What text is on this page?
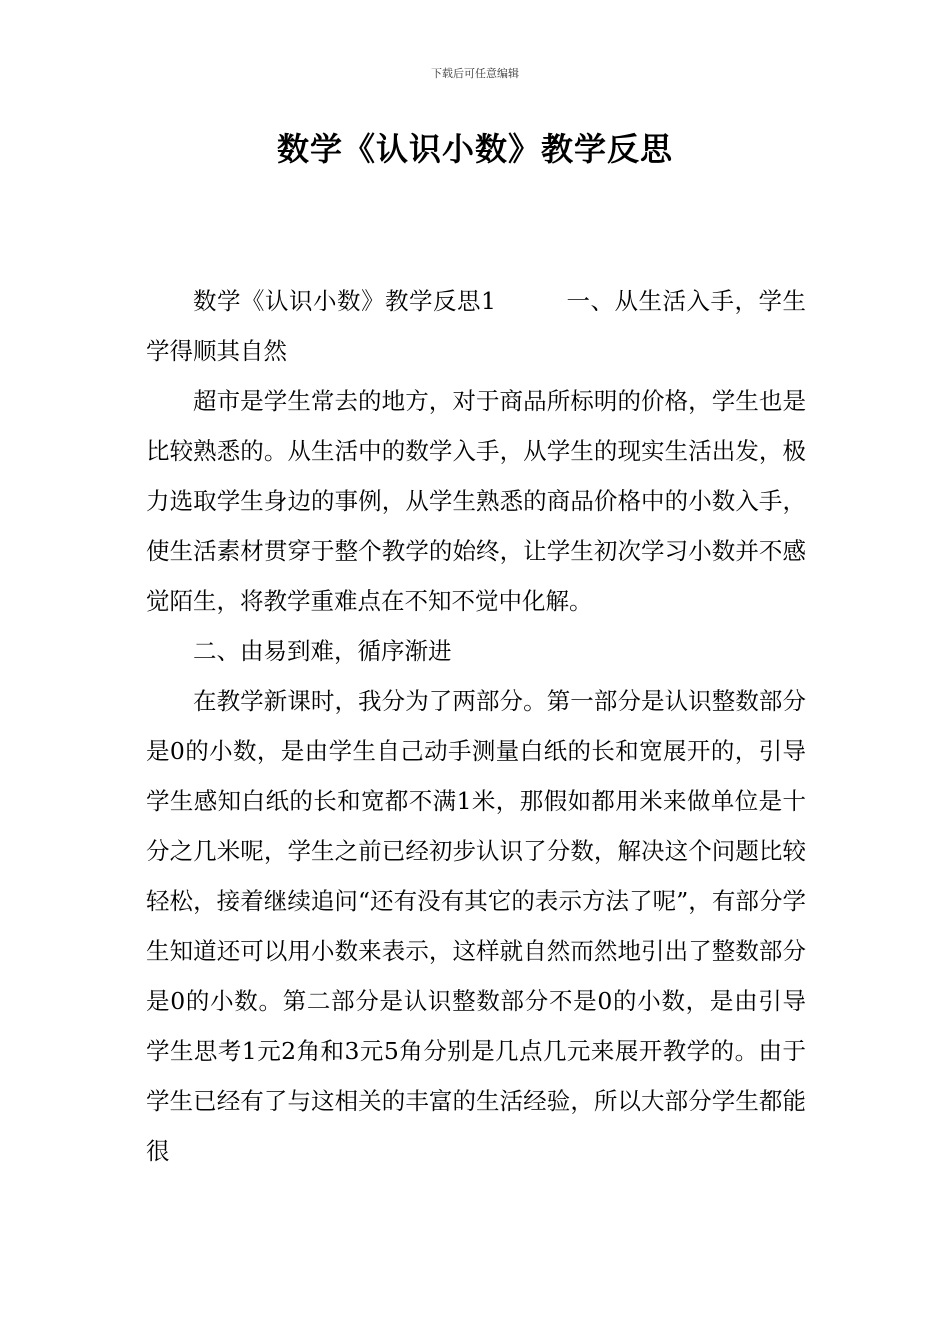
下载后可任意编辑
数学《认识小数》教学反思

数学《认识小数》教学反思1	一、从生活入手，学生学得顺其自然

超市是学生常去的地方，对于商品所标明的价格，学生也是比较熟悉的。从生活中的数学入手，从学生的现实生活出发，极力选取学生身边的事例，从学生熟悉的商品价格中的小数入手，使生活素材贯穿于整个教学的始终，让学生初次学习小数并不感觉陌生，将教学重难点在不知不觉中化解。

二、由易到难，循序渐进

在教学新课时，我分为了两部分。第一部分是认识整数部分是0的小数，是由学生自己动手测量白纸的长和宽展开的，引导学生感知白纸的长和宽都不满1米，那假如都用米来做单位是十分之几米呢，学生之前已经初步认识了分数，解决这个问题比较轻松，接着继续追问“还有没有其它的表示方法了呢”，有部分学生知道还可以用小数来表示，这样就自然而然地引出了整数部分是0的小数。第二部分是认识整数部分不是0的小数，是由引导学生思考1元2角和3元5角分别是几点几元来展开教学的。由于学生已经有了与这相关的丰富的生活经验，所以大部分学生都能很
